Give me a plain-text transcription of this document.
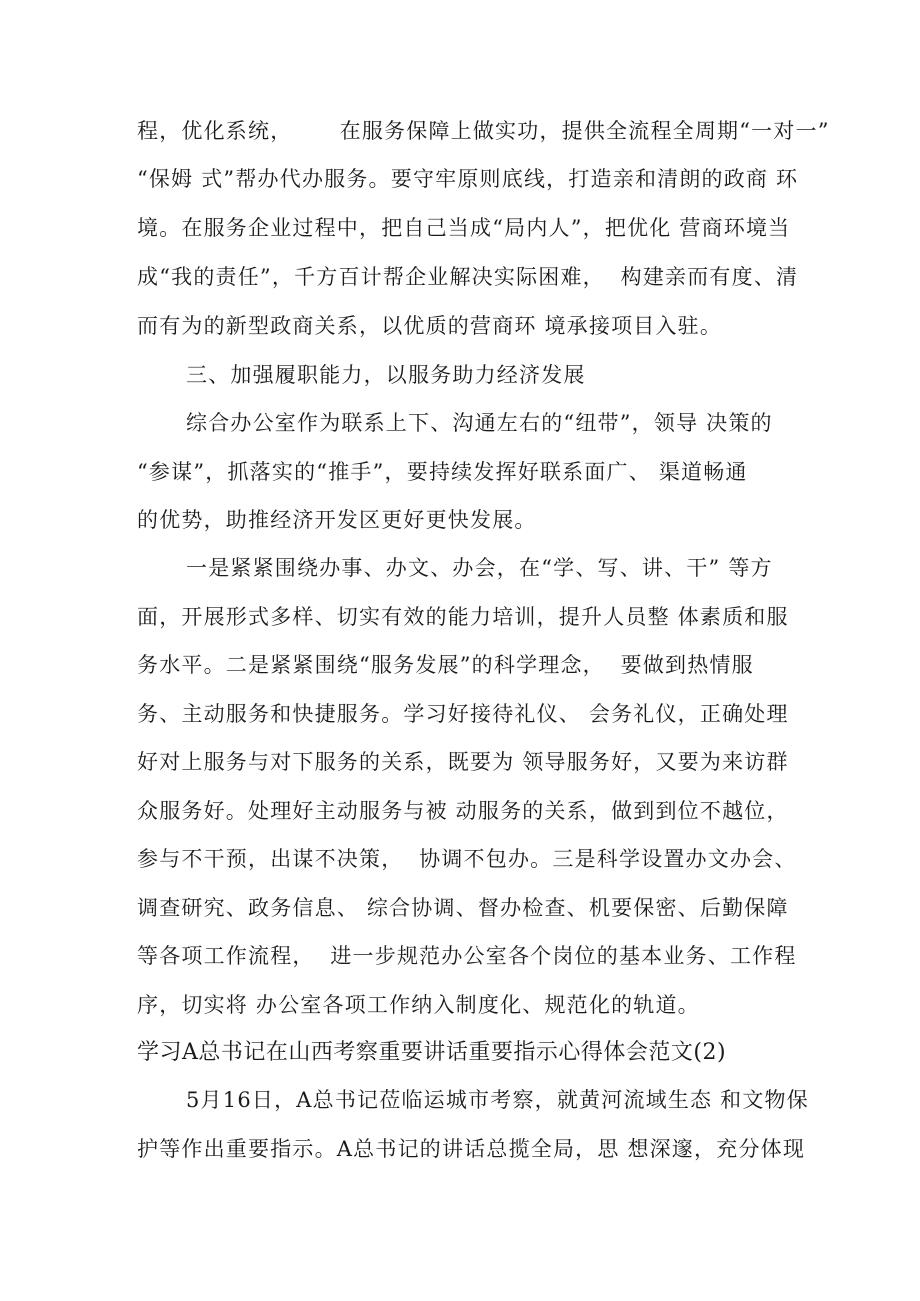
程，优化系统，      在服务保障上做实功，提供全流程全周期“一对一”
“保姆 式”帮办代办服务。要守牢原则底线，打造亲和清朗的政商 环
境。在服务企业过程中，把自己当成“局内人”，把优化 营商环境当
成“我的责任”，千方百计帮企业解决实际困难，  构建亲而有度、清
而有为的新型政商关系，以优质的营商环 境承接项目入驻。
三、加强履职能力，以服务助力经济发展
综合办公室作为联系上下、沟通左右的“纽带”，领导 决策的
“参谋”，抓落实的“推手”，要持续发挥好联系面广、 渠道畅通
的优势，助推经济开发区更好更快发展。
一是紧紧围绕办事、办文、办会，在“学、写、讲、干” 等方
面，开展形式多样、切实有效的能力培训，提升人员整 体素质和服
务水平。二是紧紧围绕“服务发展”的科学理念，  要做到热情服
务、主动服务和快捷服务。学习好接待礼仪、 会务礼仪，正确处理
好对上服务与对下服务的关系，既要为 领导服务好，又要为来访群
众服务好。处理好主动服务与被 动服务的关系，做到到位不越位，
参与不干预，出谋不决策，  协调不包办。三是科学设置办文办会、
调查研究、政务信息、 综合协调、督办检查、机要保密、后勤保障
等各项工作流程，  进一步规范办公室各个岗位的基本业务、工作程
序，切实将 办公室各项工作纳入制度化、规范化的轨道。
学习A总书记在山西考察重要讲话重要指示心得体会范文(2)
5月16日，A总书记莅临运城市考察，就黄河流域生态 和文物保
护等作出重要指示。A总书记的讲话总揽全局，思 想深邃，充分体现
